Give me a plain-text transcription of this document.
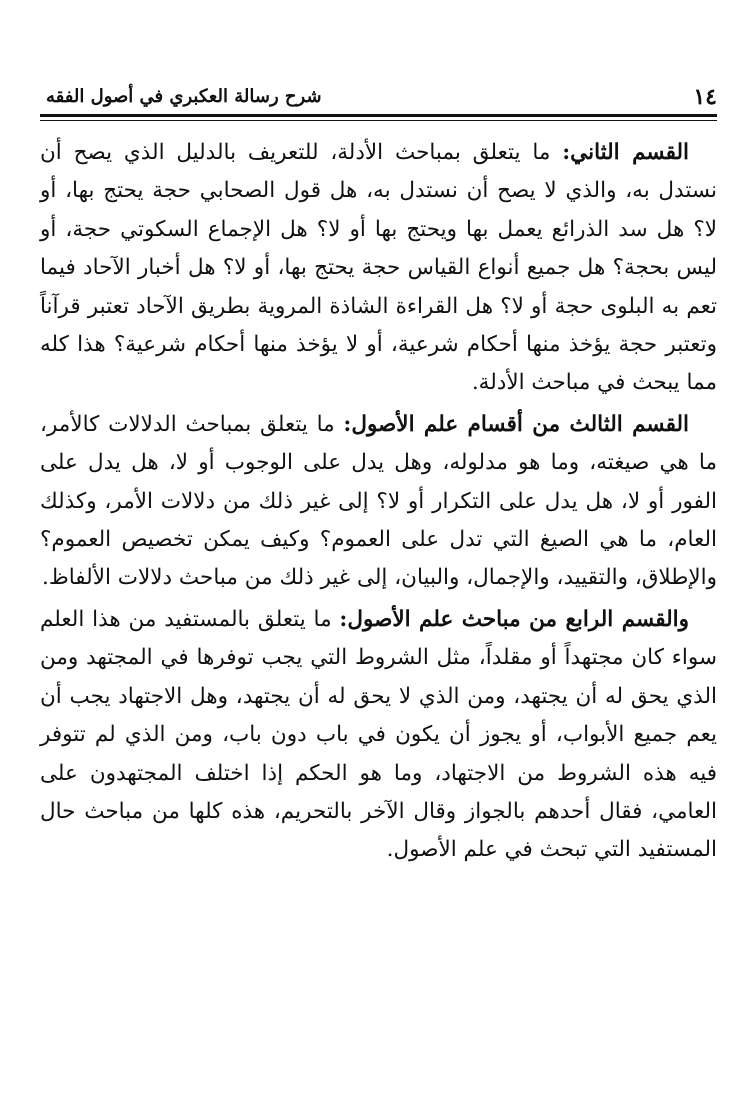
١٤
شرح رسالة العكبري في أصول الفقه

القسم الثاني: ما يتعلق بمباحث الأدلة، للتعريف بالدليل الذي يصح أن نستدل به، والذي لا يصح أن نستدل به، هل قول الصحابي حجة يحتج بها، أو لا؟ هل سد الذرائع يعمل بها ويحتج بها أو لا؟ هل الإجماع السكوتي حجة، أو ليس بحجة؟ هل جميع أنواع القياس حجة يحتج بها، أو لا؟ هل أخبار الآحاد فيما تعم به البلوى حجة أو لا؟ هل القراءة الشاذة المروية بطريق الآحاد تعتبر قرآناً وتعتبر حجة يؤخذ منها أحكام شرعية، أو لا يؤخذ منها أحكام شرعية؟ هذا كله مما يبحث في مباحث الأدلة.

القسم الثالث من أقسام علم الأصول: ما يتعلق بمباحث الدلالات كالأمر، ما هي صيغته، وما هو مدلوله، وهل يدل على الوجوب أو لا، هل يدل على الفور أو لا، هل يدل على التكرار أو لا؟ إلى غير ذلك من دلالات الأمر، وكذلك العام، ما هي الصيغ التي تدل على العموم؟ وكيف يمكن تخصيص العموم؟ والإطلاق، والتقييد، والإجمال، والبيان، إلى غير ذلك من مباحث دلالات الألفاظ.

والقسم الرابع من مباحث علم الأصول: ما يتعلق بالمستفيد من هذا العلم سواء كان مجتهداً أو مقلداً، مثل الشروط التي يجب توفرها في المجتهد ومن الذي يحق له أن يجتهد، ومن الذي لا يحق له أن يجتهد، وهل الاجتهاد يجب أن يعم جميع الأبواب، أو يجوز أن يكون في باب دون باب، ومن الذي لم تتوفر فيه هذه الشروط من الاجتهاد، وما هو الحكم إذا اختلف المجتهدون على العامي، فقال أحدهم بالجواز وقال الآخر بالتحريم، هذه كلها من مباحث حال المستفيد التي تبحث في علم الأصول.
